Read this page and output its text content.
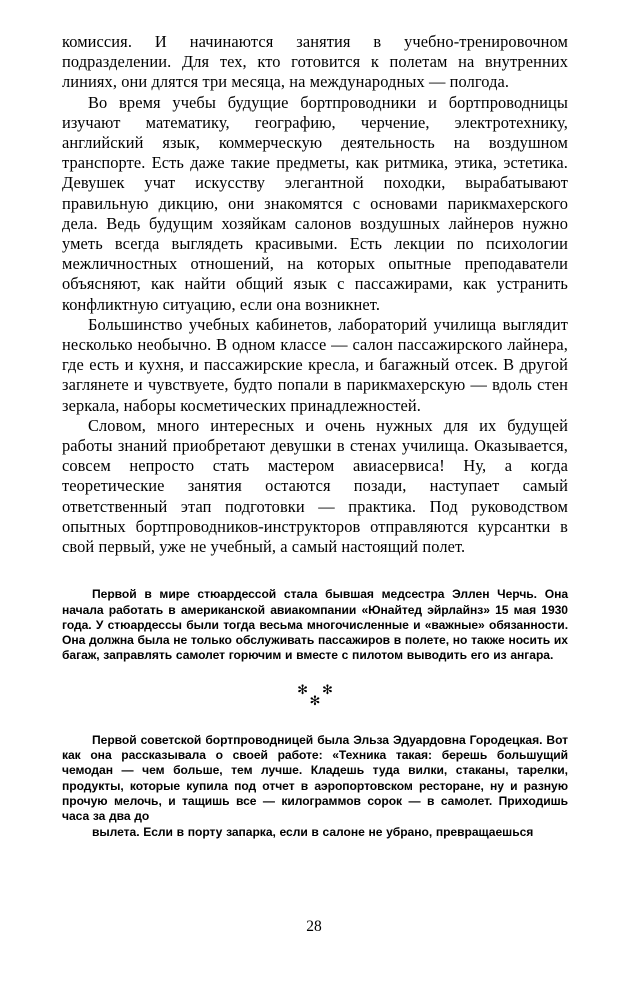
комиссия. И начинаются занятия в учебно-тренировочном подразделении. Для тех, кто готовится к полетам на внутренних линиях, они длятся три месяца, на международных — полгода.

Во время учебы будущие бортпроводники и бортпроводницы изучают математику, географию, черчение, электротехнику, английский язык, коммерческую деятельность на воздушном транспорте. Есть даже такие предметы, как ритмика, этика, эстетика. Девушек учат искусству элегантной походки, вырабатывают правильную дикцию, они знакомятся с основами парикмахерского дела. Ведь будущим хозяйкам салонов воздушных лайнеров нужно уметь всегда выглядеть красивыми. Есть лекции по психологии межличностных отношений, на которых опытные преподаватели объясняют, как найти общий язык с пассажирами, как устранить конфликтную ситуацию, если она возникнет.

Большинство учебных кабинетов, лабораторий училища выглядит несколько необычно. В одном классе — салон пассажирского лайнера, где есть и кухня, и пассажирские кресла, и багажный отсек. В другой заглянете и чувствуете, будто попали в парикмахерскую — вдоль стен зеркала, наборы косметических принадлежностей.

Словом, много интересных и очень нужных для их будущей работы знаний приобретают девушки в стенах училища. Оказывается, совсем непросто стать мастером авиасервиса! Ну, а когда теоретические занятия остаются позади, наступает самый ответственный этап подготовки — практика. Под руководством опытных бортпроводников-инструкторов отправляются курсантки в свой первый, уже не учебный, а самый настоящий полет.

Первой в мире стюардессой стала бывшая медсестра Эллен Черчь. Она начала работать в американской авиакомпании «Юнайтед эйрлайнз» 15 мая 1930 года. У стюардессы были тогда весьма многочисленные и «важные» обязанности. Она должна была не только обслуживать пассажиров в полете, но также носить их багаж, заправлять самолет горючим и вместе с пилотом выводить его из ангара.

✻✻
✻

Первой советской бортпроводницей была Эльза Эдуардовна Городецкая. Вот как она рассказывала о своей работе: «Техника такая: берешь большущий чемодан — чем больше, тем лучше. Кладешь туда вилки, стаканы, тарелки, продукты, которые купила под отчет в аэропортовском ресторане, ну и разную прочую мелочь, и тащишь все — килограммов сорок — в самолет. Приходишь часа за два до
вылета. Если в порту запарка, если в салоне не убрано, превращаешься

28
